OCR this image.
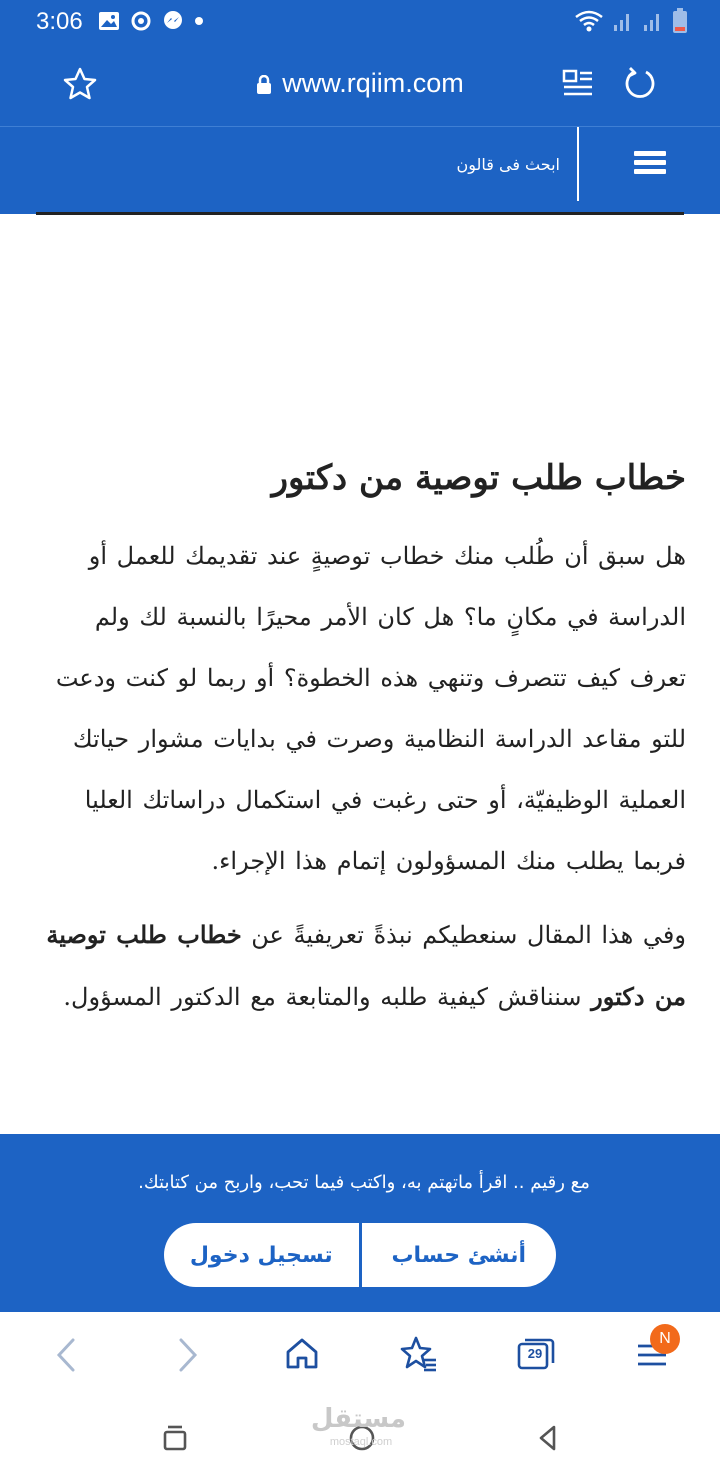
3:06
www.rqiim.com
ابحث فى قالون
خطاب طلب توصية من دكتور

هل سبق أن طُلب منك خطاب توصيةٍ عند تقديمك للعمل أو الدراسة في مكانٍ ما؟ هل كان الأمر محيرًا بالنسبة لك ولم تعرف كيف تتصرف وتنهي هذه الخطوة؟ أو ربما لو كنت ودعت للتو مقاعد الدراسة النظامية وصرت في بدايات مشوار حياتك العملية الوظيفيّة، أو حتى رغبت في استكمال دراساتك العليا فربما يطلب منك المسؤولون إتمام هذا الإجراء.

وفي هذا المقال سنعطيكم نبذةً تعريفيةً عن خطاب طلب توصية من دكتور سنناقش كيفية طلبه والمتابعة مع الدكتور المسؤول.

مع رقيم .. اقرأ ماتهتم به، واكتب فيما تحب، واربح من كتابتك.
تسجيل دخول	أنشئ حساب
29
N
مستقل
mostaql.com
